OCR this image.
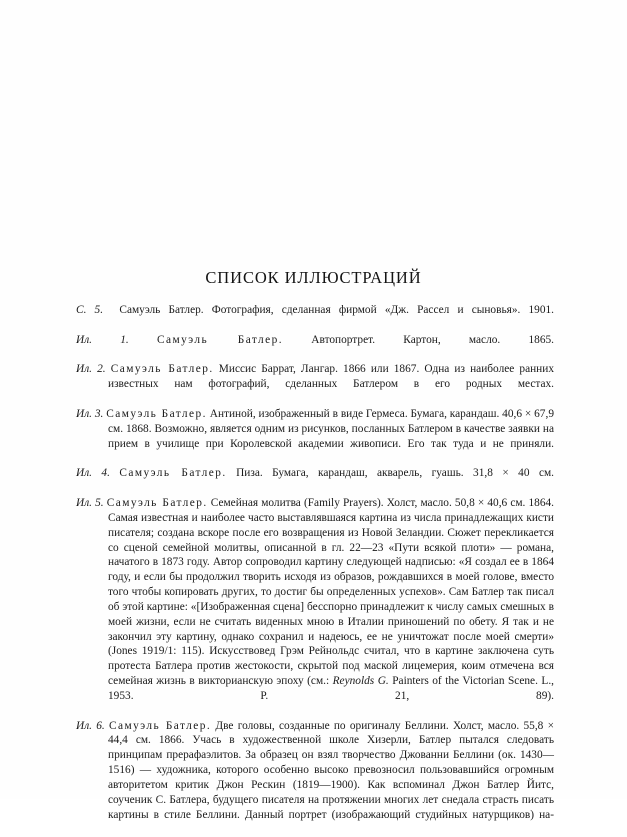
СПИСОК ИЛЛЮСТРАЦИЙ

С. 5. Самуэль Батлер. Фотография, сделанная фирмой «Дж. Рассел и сыновья». 1901.

Ил. 1. Самуэль Батлер. Автопортрет. Картон, масло. 1865.

Ил. 2. Самуэль Батлер. Миссис Баррат, Лангар. 1866 или 1867. Одна из наиболее ранних известных нам фотографий, сделанных Батлером в его родных местах.

Ил. 3. Самуэль Батлер. Антиной, изображенный в виде Гермеса. Бумага, карандаш. 40,6 × 67,9 см. 1868. Возможно, является одним из рисунков, посланных Батлером в качестве заявки на прием в училище при Королевской академии живописи. Его так туда и не приняли.

Ил. 4. Самуэль Батлер. Пиза. Бумага, карандаш, акварель, гуашь. 31,8 × 40 см.

Ил. 5. Самуэль Батлер. Семейная молитва (Family Prayers). Холст, масло. 50,8 × 40,6 см. 1864. Самая известная и наиболее часто выставлявшаяся картина из числа принадлежащих кисти писателя; создана вскоре после его возвращения из Новой Зеландии. Сюжет перекликается со сценой семейной молитвы, описанной в гл. 22—23 «Пути всякой плоти» — романа, начатого в 1873 году. Автор сопроводил картину следующей надписью: «Я создал ее в 1864 году, и если бы продолжил творить исходя из образов, рождавшихся в моей голове, вместо того чтобы копировать других, то достиг бы определенных успехов». Сам Батлер так писал об этой картине: «[Изображенная сцена] бесспорно принадлежит к числу самых смешных в моей жизни, если не считать виденных мною в Италии приношений по обету. Я так и не закончил эту картину, однако сохранил и надеюсь, ее не уничтожат после моей смерти» (Jones 1919/1: 115). Искусствовед Грэм Рейнольдс считал, что в картине заключена суть протеста Батлера против жестокости, скрытой под маской лицемерия, коим отмечена вся семейная жизнь в викторианскую эпоху (см.: Reynolds G. Painters of the Victorian Scene. L., 1953. P. 21, 89).

Ил. 6. Самуэль Батлер. Две головы, созданные по оригиналу Беллини. Холст, масло. 55,8 × 44,4 см. 1866. Учась в художественной школе Хизерли, Батлер пытался следовать принципам прерафаэлитов. За образец он взял творчество Джованни Беллини (ок. 1430—1516) — художника, которого особенно высоко превозносил пользовавшийся огромным авторитетом критик Джон Рескин (1819—1900). Как вспоминал Джон Батлер Йитс, соученик С. Батлера, будущего писателя на протяжении многих лет снедала страсть писать картины в стиле Беллини. Данный портрет (изображающий студийных натурщиков) на-
